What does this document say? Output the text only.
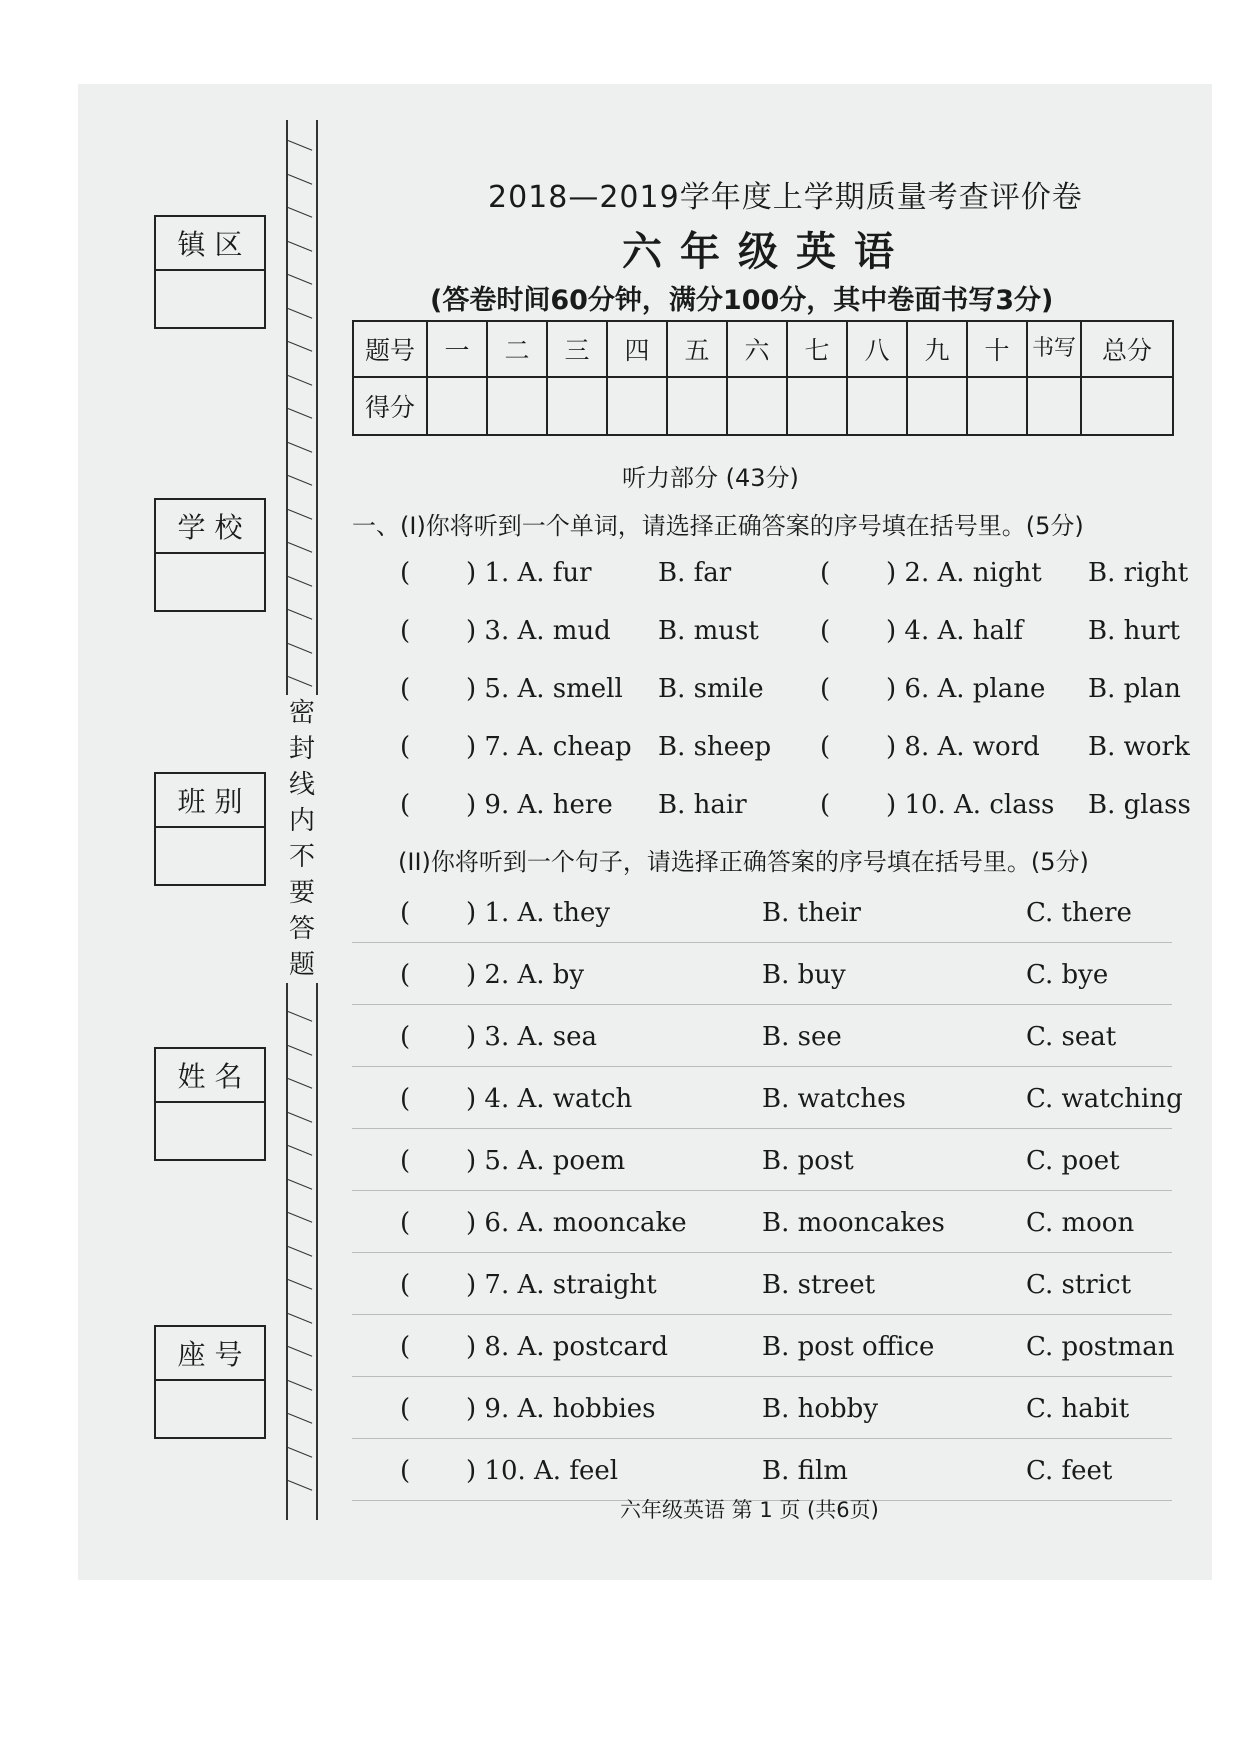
镇 区
学 校
班 别
姓 名
座 号
密
封
线
内
不
要
答
题
2018—2019学年度上学期质量考查评价卷
六年级英语
(答卷时间60分钟，满分100分，其中卷面书写3分)
题号	一	二	三	四	五	六	七	八	九	十	书写	总分
得分												
听力部分 (43分)
一、(I)你将听到一个单词，请选择正确答案的序号填在括号里。(5分)
( ) 1. A. fur	B. far	( ) 2. A. night B. right
( ) 3. A. mud B. must ( ) 4. A. half	B. hurt
( ) 5. A. smell B. smile ( ) 6. A. plane B. plan
( ) 7. A. cheap B. sheep ( ) 8. A. word B. work
( ) 9. A. here B. hair	( ) 10. A. class B. glass
(II)你将听到一个句子，请选择正确答案的序号填在括号里。(5分)
( ) 1. A. they	B. their	C. there
( ) 2. A. by	B. buy	C. bye
( ) 3. A. sea	B. see	C. seat
( ) 4. A. watch	B. watches	C. watching
( ) 5. A. poem	B. post	C. poet
( ) 6. A. mooncake	B. mooncakes	C. moon
( ) 7. A. straight	B. street	C. strict
( ) 8. A. postcard	B. post office	C. postman
( ) 9. A. hobbies	B. hobby	C. habit
( ) 10. A. feel	B. film	C. feet
六年级英语 第 1 页 (共6页)
